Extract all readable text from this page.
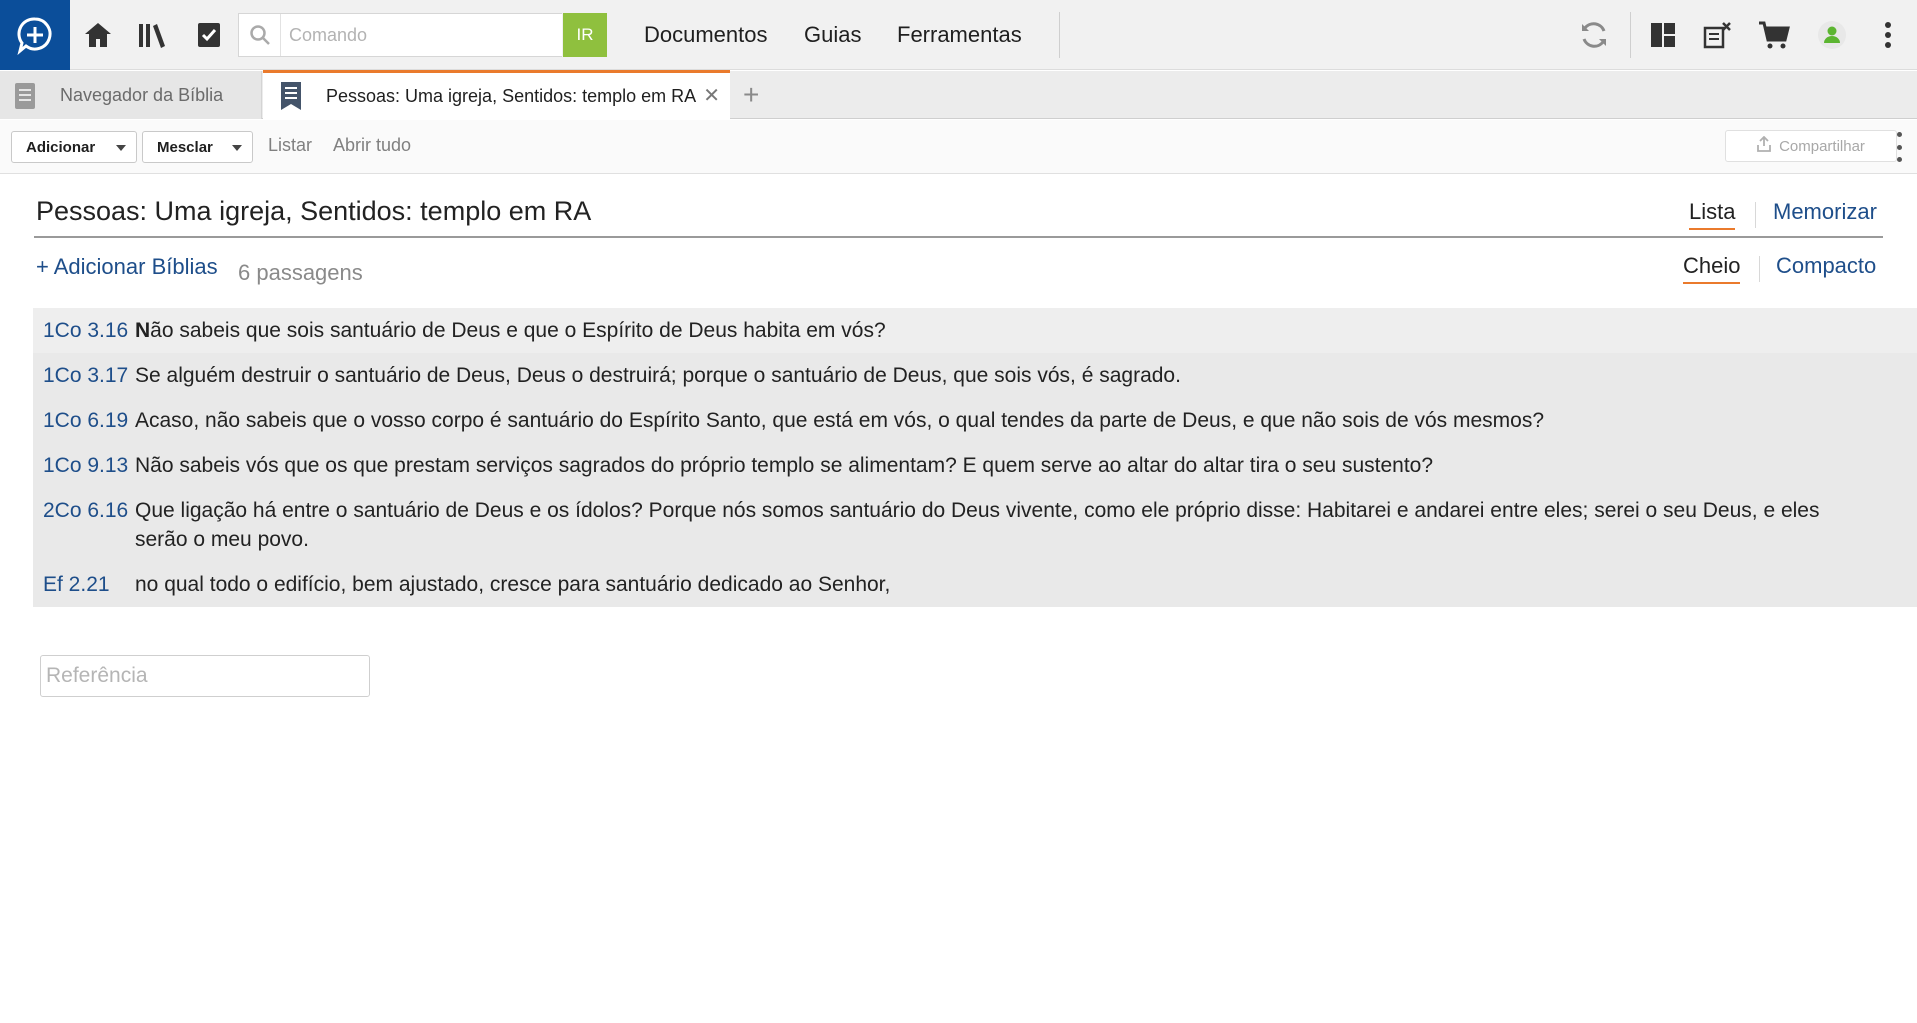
Comando
IR	Documentos Guias Ferramentas
Navegador da Bíblia	Pessoas: Uma igreja, Sentidos: templo em RA ✕ +
Adicionar	Mesclar	Listar Abrir tudo	Compartilhar
Pessoas: Uma igreja, Sentidos: templo em RA	Lista Memorizar
+ Adicionar Bíblias 6 passagens	Cheio Compacto
1Co 3.16 Não sabeis que sois santuário de Deus e que o Espírito de Deus habita em vós?
1Co 3.17 Se alguém destruir o santuário de Deus, Deus o destruirá; porque o santuário de Deus, que sois vós, é sagrado.
1Co 6.19 Acaso, não sabeis que o vosso corpo é santuário do Espírito Santo, que está em vós, o qual tendes da parte de Deus, e que não sois de vós mesmos?
1Co 9.13 Não sabeis vós que os que prestam serviços sagrados do próprio templo se alimentam? E quem serve ao altar do altar tira o seu sustento?
2Co 6.16 Que ligação há entre o santuário de Deus e os ídolos? Porque nós somos santuário do Deus vivente, como ele próprio disse: Habitarei e andarei entre eles; serei o seu Deus, e eles serão o meu povo.
Ef 2.21	no qual todo o edifício, bem ajustado, cresce para santuário dedicado ao Senhor,
Referência
